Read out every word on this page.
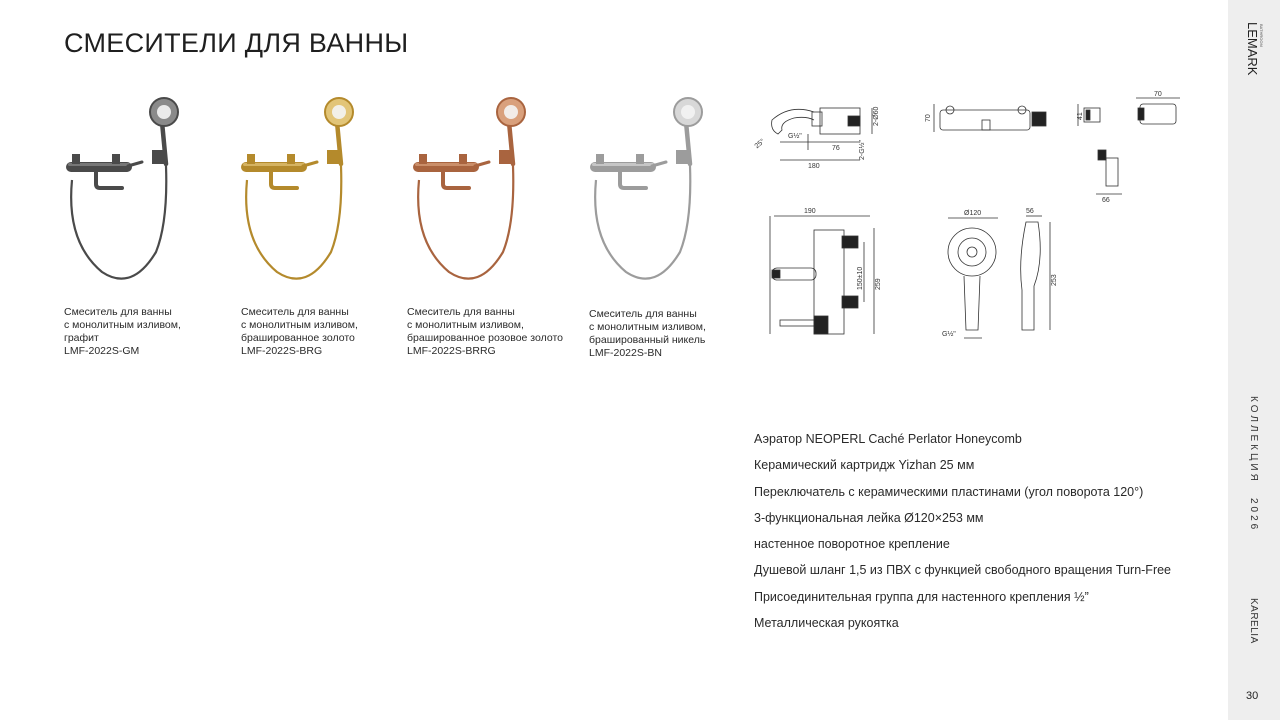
СМЕСИТЕЛИ ДЛЯ ВАННЫ
Смеситель для ванны
с монолитным изливом,
графит
LMF-2022S-GM
Смеситель для ванны
с монолитным изливом,
брашированное золото
LMF-2022S-BRG
Смеситель для ванны
с монолитным изливом,
брашированное розовое золото
LMF-2022S-BRRG
Смеситель для ванны
с монолитным изливом,
брашированный никель
LMF-2022S-BN
G½"
25°	76
180
2-Ø60
2-G½"
70
70
41
66
190
150±10 259
Ø120
G½"
56
253
Аэратор NEOPERL Caché Perlator Honeycomb
Керамический картридж Yizhan 25 мм
Переключатель с керамическими пластинами (угол поворота 120°)
3-функциональная лейка Ø120×253 мм
настенное поворотное крепление
Душевой шланг 1,5 из ПВХ с функцией свободного вращения Turn-Free
Присоединительная группа для настенного крепления ½”
Металлическая рукоятка
LEMARK BATHROOM
КОЛЛЕКЦИЯ
2026
KARELIA
30
